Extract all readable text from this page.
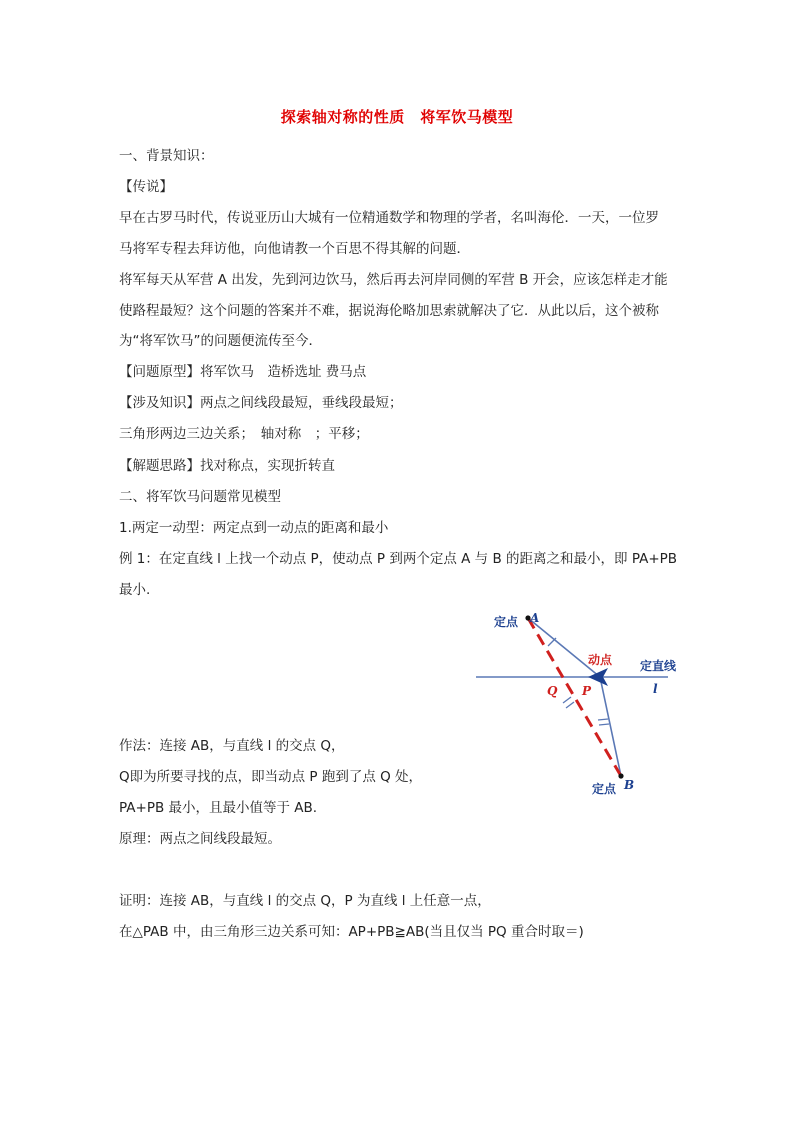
探索轴对称的性质　将军饮马模型
一、背景知识：
【传说】
早在古罗马时代，传说亚历山大城有一位精通数学和物理的学者，名叫海伦．一天，一位罗
马将军专程去拜访他，向他请教一个百思不得其解的问题．
将军每天从军营 A 出发，先到河边饮马，然后再去河岸同侧的军营 B 开会，应该怎样走才能
使路程最短？这个问题的答案并不难，据说海伦略加思索就解决了它．从此以后，这个被称
为“将军饮马”的问题便流传至今．
【问题原型】将军饮马　造桥选址 费马点
【涉及知识】两点之间线段最短，垂线段最短；
三角形两边三边关系；　轴对称　；平移；
【解题思路】找对称点，实现折转直
二、将军饮马问题常见模型
1.两定一动型：两定点到一动点的距离和最小
例 1：在定直线 l 上找一个动点 P，使动点 P 到两个定点 A 与 B 的距离之和最小，即 PA+PB
最小.
作法：连接 AB，与直线 l 的交点 Q，
Q即为所要寻找的点，即当动点 P 跑到了点 Q 处，
PA+PB 最小，且最小值等于 AB.
原理：两点之间线段最短。
证明：连接 AB，与直线 l 的交点 Q，P 为直线 l 上任意一点，
在△PAB 中，由三角形三边关系可知：AP+PB≧AB(当且仅当 PQ 重合时取＝)
定点 A
动点 定直线
Q P	l
定点 B
